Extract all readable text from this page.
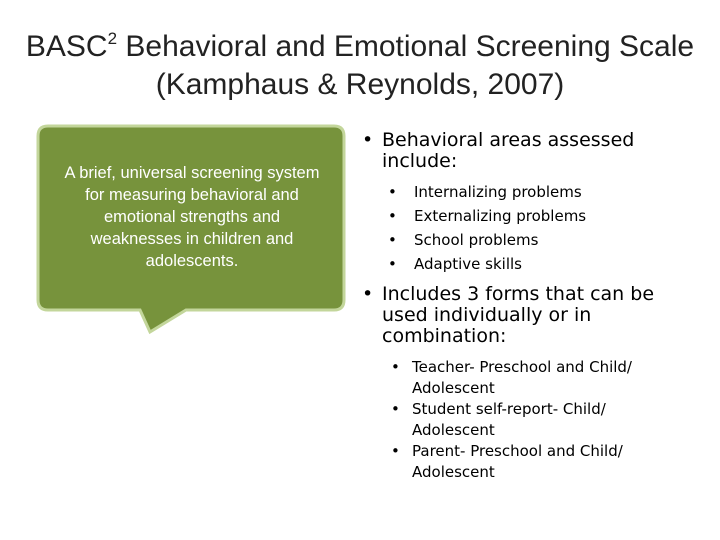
BASC$^2$ Behavioral and Emotional Screening Scale
(Kamphaus & Reynolds, 2007)
A brief, universal screening system for measuring behavioral and emotional strengths and weaknesses in children and adolescents.
• Behavioral areas assessed include:
• Internalizing problems
• Externalizing problems
• School problems
• Adaptive skills
• Includes 3 forms that can be used individually or in combination:
• Teacher- Preschool and Child/ Adolescent
• Student self-report- Child/ Adolescent
• Parent- Preschool and Child/ Adolescent
